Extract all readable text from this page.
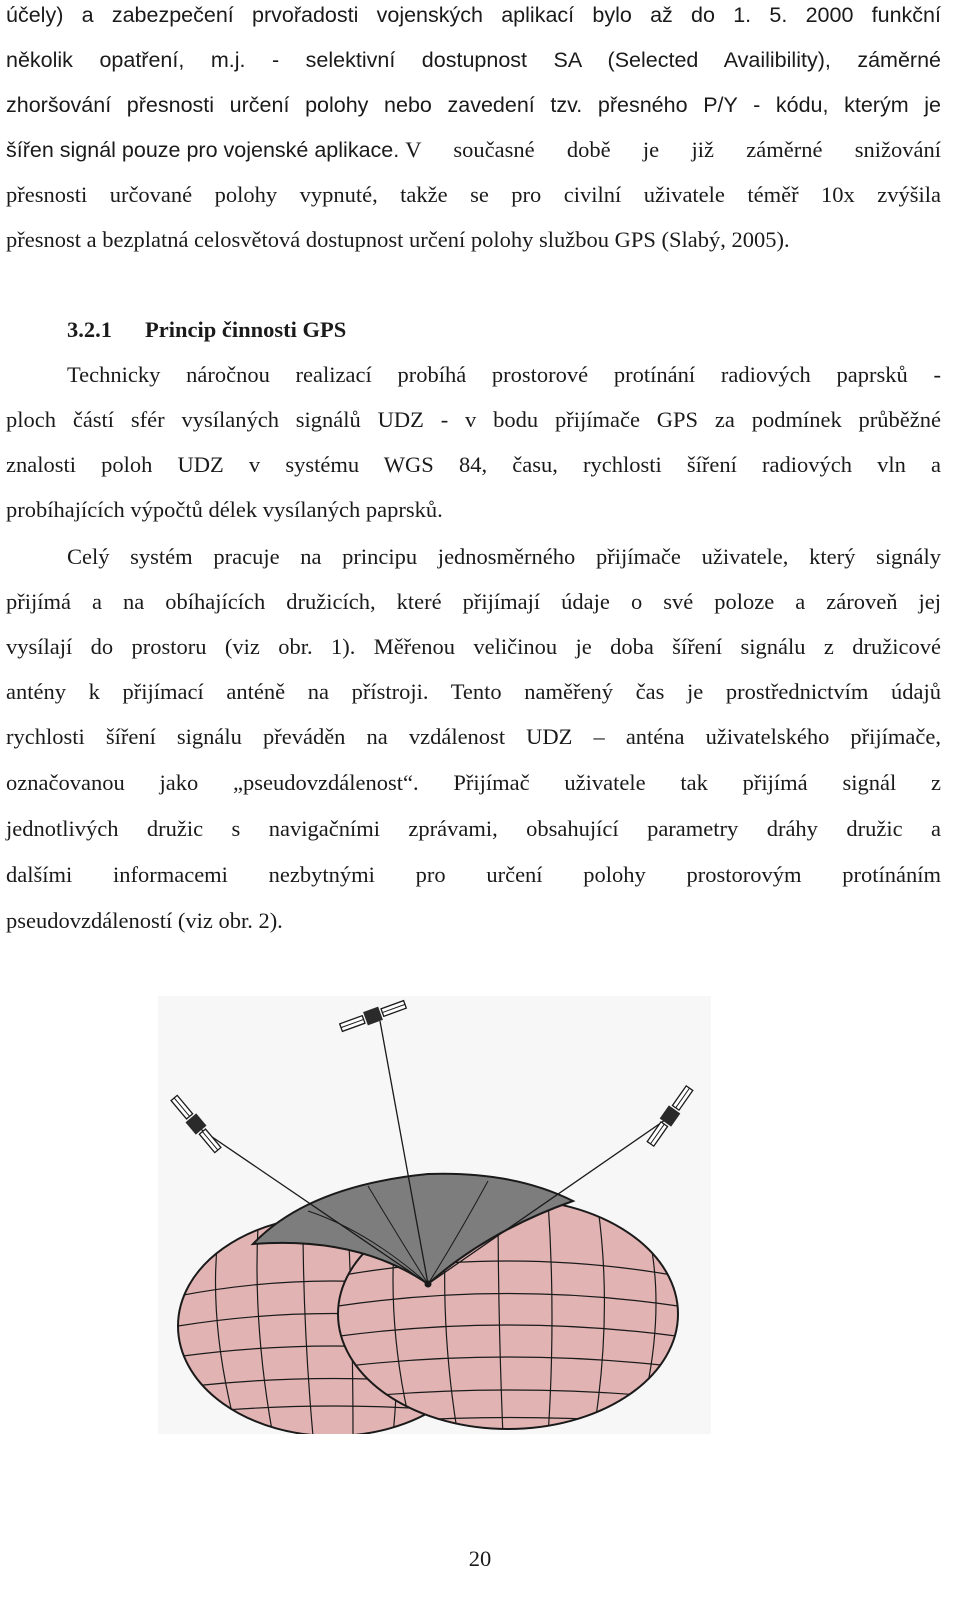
účely) a zabezpečení prvořadosti vojenských aplikací bylo až do 1. 5. 2000 funkční
několik opatření, m.j. - selektivní dostupnost SA (Selected Availibility), záměrné
zhoršování přesnosti určení polohy nebo zavedení tzv. přesného P/Y - kódu, kterým je
šířen signál pouze pro vojenské aplikace. V současné době je již záměrné snižování
přesnosti určované polohy vypnuté, takže se pro civilní uživatele téměř 10x zvýšila
přesnost a bezplatná celosvětová dostupnost určení polohy službou GPS (Slabý, 2005).
3.2.1 Princip činnosti GPS
Technicky náročnou realizací probíhá prostorové protínání radiových paprsků -
ploch částí sfér vysílaných signálů UDZ - v bodu přijímače GPS za podmínek průběžné
znalosti poloh UDZ v systému WGS 84, času, rychlosti šíření radiových vln a
probíhajících výpočtů délek vysílaných paprsků.
Celý systém pracuje na principu jednosměrného přijímače uživatele, který signály
přijímá a na obíhajících družicích, které přijímají údaje o své poloze a zároveň jej
vysílají do prostoru (viz obr. 1). Měřenou veličinou je doba šíření signálu z družicové
antény k přijímací anténě na přístroji. Tento naměřený čas je prostřednictvím údajů
rychlosti šíření signálu převáděn na vzdálenost UDZ – anténa uživatelského přijímače,
označovanou jako „pseudovzdálenost“. Přijímač uživatele tak přijímá signál z
jednotlivých družic s navigačními zprávami, obsahující parametry dráhy družic a
dalšími informacemi nezbytnými pro určení polohy prostorovým protínáním
pseudovzdáleností (viz obr. 2).
20
